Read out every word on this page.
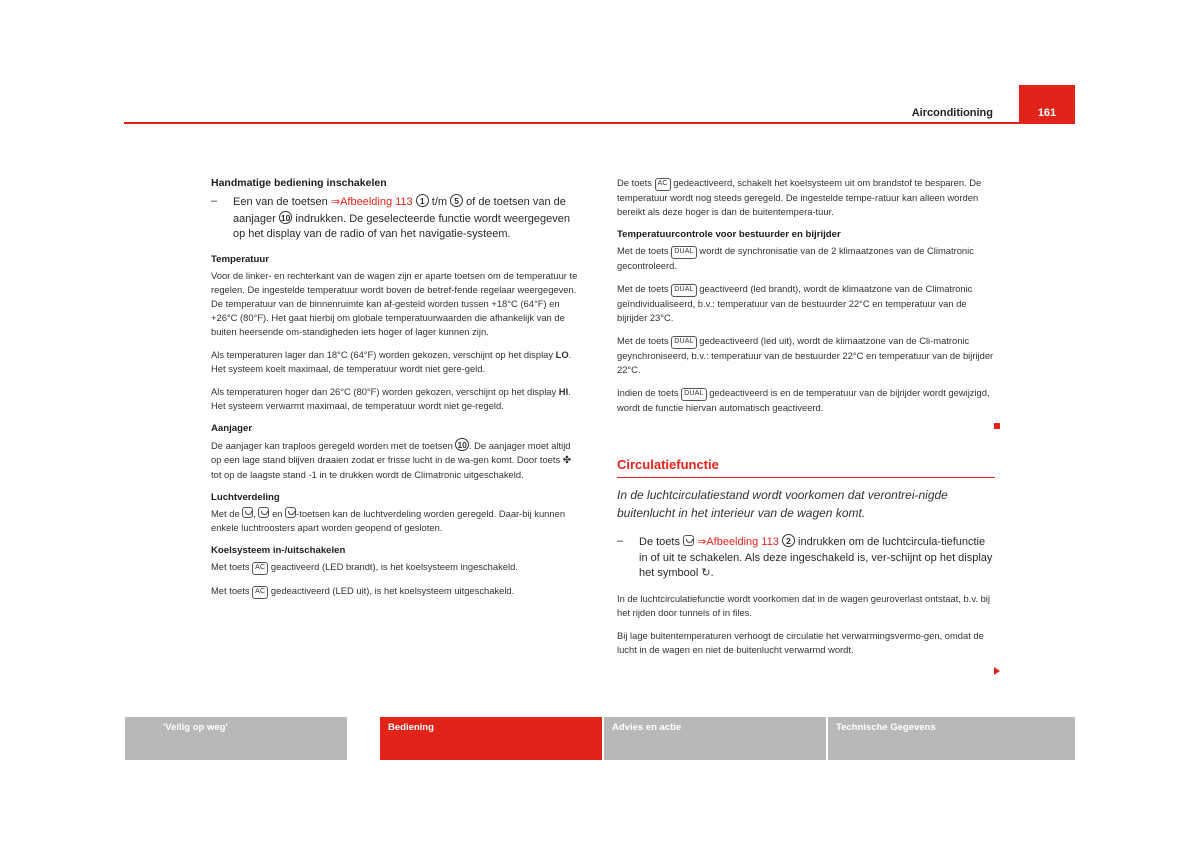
Airconditioning	161
Handmatige bediening inschakelen
– Een van de toetsen ⇒Afbeelding 113 1 t/m 5 of de toetsen van de aanjager 10 indrukken. De geselecteerde functie wordt weergegeven op het display van de radio of van het navigatie-systeem.
Temperatuur

Voor de linker- en rechterkant van de wagen zijn er aparte toetsen om de temperatuur te regelen. De ingestelde temperatuur wordt boven de betref-fende regelaar weergegeven. De temperatuur van de binnenruimte kan af-gesteld worden tussen +18°C (64°F) en +26°C (80°F). Het gaat hierbij om globale temperatuurwaarden die afhankelijk van de buiten heersende om-standigheden iets hoger of lager kunnen zijn.

Als temperaturen lager dan 18°C (64°F) worden gekozen, verschijnt op het display LO. Het systeem koelt maximaal, de temperatuur wordt niet gere-geld.

Als temperaturen hoger dan 26°C (80°F) worden gekozen, verschijnt op het display HI. Het systeem verwarmt maximaal, de temperatuur wordt niet ge-regeld.

Aanjager

De aanjager kan traploos geregeld worden met de toetsen 10 . De aanjager moet altijd op een lage stand blijven draaien zodat er frisse lucht in de wa-gen komt. Door toets ✤ tot op de laagste stand -1 in te drukken wordt de Climatronic uitgeschakeld.

Luchtverdeling

Met de ,  en -toetsen kan de luchtverdeling worden geregeld. Daar-bij kunnen enkele luchtroosters apart worden geopend of gesloten.

Koelsysteem in-/uitschakelen

Met toets AC geactiveerd (LED brandt), is het koelsysteem ingeschakeld.

Met toets AC gedeactiveerd (LED uit), is het koelsysteem uitgeschakeld.

De toets AC gedeactiveerd, schakelt het koelsysteem uit om brandstof te besparen. De temperatuur wordt nog steeds geregeld. De ingestelde tempe-ratuur kan alleen worden bereikt als deze hoger is dan de buitentempera-tuur.

Temperatuurcontrole voor bestuurder en bijrijder

Met de toets DUAL wordt de synchronisatie van de 2 klimaatzones van de Climatronic gecontroleerd.

Met de toets DUAL geactiveerd (led brandt), wordt de klimaatzone van de Climatronic geïndividualiseerd, b.v.: temperatuur van de bestuurder 22°C en temperatuur van de bijrijder 23°C.

Met de toets DUAL gedeactiveerd (led uit), wordt de klimaatzone van de Cli-matronic geynchroniseerd, b.v.: temperatuur van de bestuurder 22°C en temperatuur van de bijrijder 22°C.

Indien de toets DUAL gedeactiveerd is en de temperatuur van de bijrijder wordt gewijzigd, wordt de functie hiervan automatisch geactiveerd.

Circulatiefunctie
In de luchtcirculatiestand wordt voorkomen dat verontrei-nigde buitenlucht in het interieur van de wagen komt.
– De toets  ⇒Afbeelding 113 2 indrukken om de luchtcircula-tiefunctie in of uit te schakelen. Als deze ingeschakeld is, ver-schijnt op het display het symbool ↻.

In de luchtcirculatiefunctie wordt voorkomen dat in de wagen geuroverlast ontstaat, b.v. bij het rijden door tunnels of in files.

Bij lage buitentemperaturen verhoogt de circulatie het verwarmingsvermo-gen, omdat de lucht in de wagen en niet de buitenlucht verwarmd wordt.

'Veilig op weg'	Bediening	Advies en actie	Technische Gegevens
